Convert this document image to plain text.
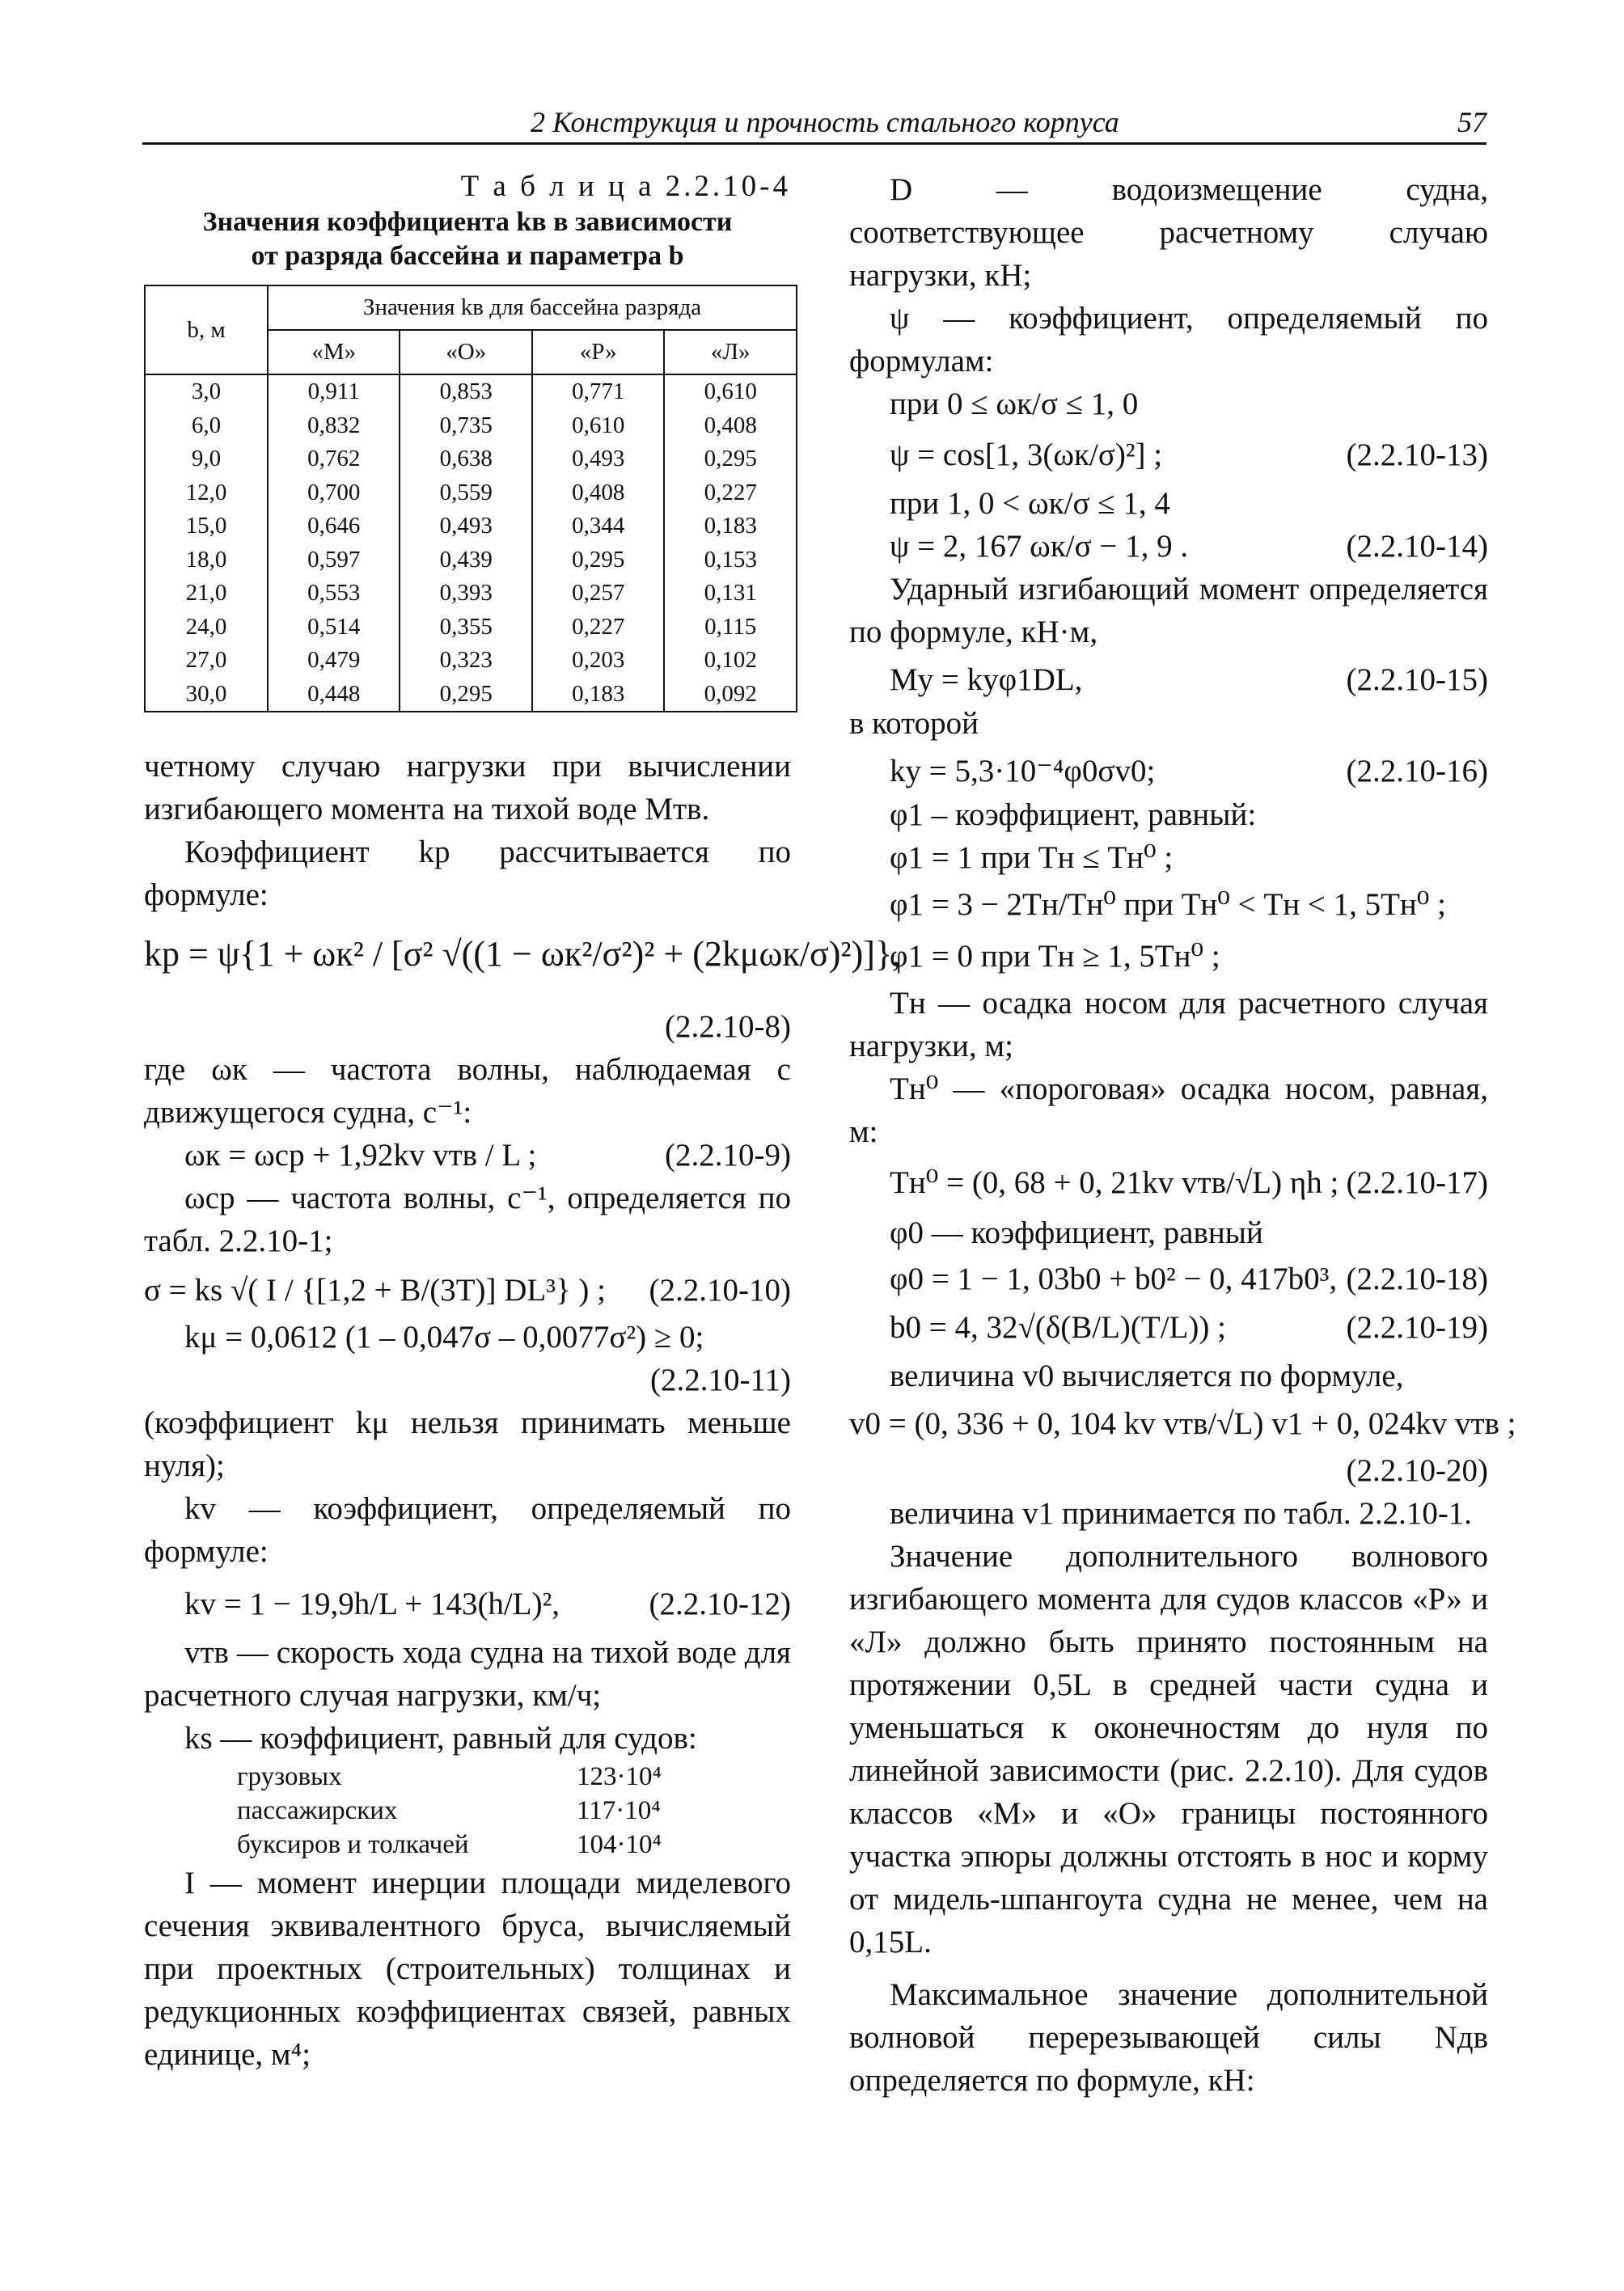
2 Конструкция и прочность стального корпуса	57
Т а б л и ц а 2.2.10-4
Значения коэффициента kв в зависимости
от разряда бассейна и параметра b
b, м	Значения kв для бассейна разряда			
	«М»	«О»	«Р»	«Л»
3,0	0,911	0,853	0,771	0,610
6,0	0,832	0,735	0,610	0,408
9,0	0,762	0,638	0,493	0,295
12,0	0,700	0,559	0,408	0,227
15,0	0,646	0,493	0,344	0,183
18,0	0,597	0,439	0,295	0,153
21,0	0,553	0,393	0,257	0,131
24,0	0,514	0,355	0,227	0,115
27,0	0,479	0,323	0,203	0,102
30,0	0,448	0,295	0,183	0,092

четному случаю нагрузки при вычислении изгибающего момента на тихой воде Mтв.

Коэффициент kр рассчитывается по формуле:

kр = ψ{1 + ωк² / [σ² √((1 − ωк²/σ²)² + (2kμωк/σ)²)]},
(2.2.10-8)

где ωк — частота волны, наблюдаемая с движущегося судна, с⁻¹:

ωк = ωср + 1,92kv vтв / L ;	(2.2.10-9)

ωср — частота волны, с⁻¹, определяется по табл. 2.2.10-1;

σ = ks √( I / {[1,2 + B/(3T)] DL³} ) ; (2.2.10-10)
kμ = 0,0612 (1 – 0,047σ – 0,0077σ²) ≥ 0;
(2.2.10-11)

(коэффициент kμ нельзя принимать меньше нуля);

kv — коэффициент, определяемый по формуле:

kv = 1 − 19,9h/L + 143(h/L)²,	(2.2.10-12)

vтв — скорость хода судна на тихой воде для расчетного случая нагрузки, км/ч;

ks — коэффициент, равный для судов:

грузовых	123·10⁴
пассажирских	117·10⁴
буксиров и толкачей	104·10⁴

I — момент инерции площади миделевого сечения эквивалентного бруса, вычисляемый при проектных (строительных) толщинах и редукционных коэффициентах связей, равных единице, м⁴;

D — водоизмещение судна, соответствующее расчетному случаю нагрузки, кН;

ψ — коэффициент, определяемый по формулам:

при 0 ≤ ωк/σ ≤ 1, 0
ψ = cos[1, 3(ωк/σ)²] ;	(2.2.10-13)
при 1, 0 < ωк/σ ≤ 1, 4
ψ = 2, 167 ωк/σ − 1, 9 .	(2.2.10-14)

Ударный изгибающий момент определяется по формуле, кН·м,

Mу = kуφ1DL,	(2.2.10-15)

в которой

kу = 5,3·10⁻⁴φ0σv0;	(2.2.10-16)

φ1 – коэффициент, равный:

φ1 = 1 при Tн ≤ Tн⁰ ;
φ1 = 3 − 2Tн/Tн⁰ при Tн⁰ < Tн < 1, 5Tн⁰ ;
φ1 = 0 при Tн ≥ 1, 5Tн⁰ ;

Tн — осадка носом для расчетного случая нагрузки, м;

Tн⁰ — «пороговая» осадка носом, равная, м:

Tн⁰ = (0, 68 + 0, 21kv vтв/√L) ηh ; (2.2.10-17)

φ0 — коэффициент, равный

φ0 = 1 − 1, 03b0 + b0² − 0, 417b0³, (2.2.10-18)
b0 = 4, 32√(δ(B/L)(T/L)) ;	(2.2.10-19)

величина v0 вычисляется по формуле,

v0 = (0, 336 + 0, 104 kv vтв/√L) v1 + 0, 024kv vтв ;
(2.2.10-20)

величина v1 принимается по табл. 2.2.10-1.

Значение дополнительного волнового изгибающего момента для судов классов «Р» и «Л» должно быть принято постоянным на протяжении 0,5L в средней части судна и уменьшаться к оконечностям до нуля по линейной зависимости (рис. 2.2.10). Для судов классов «М» и «О» границы постоянного участка эпюры должны отстоять в нос и корму от мидель-шпангоута судна не менее, чем на 0,15L.

Максимальное значение дополнительной волновой перерезывающей силы Nдв определяется по формуле, кН:
